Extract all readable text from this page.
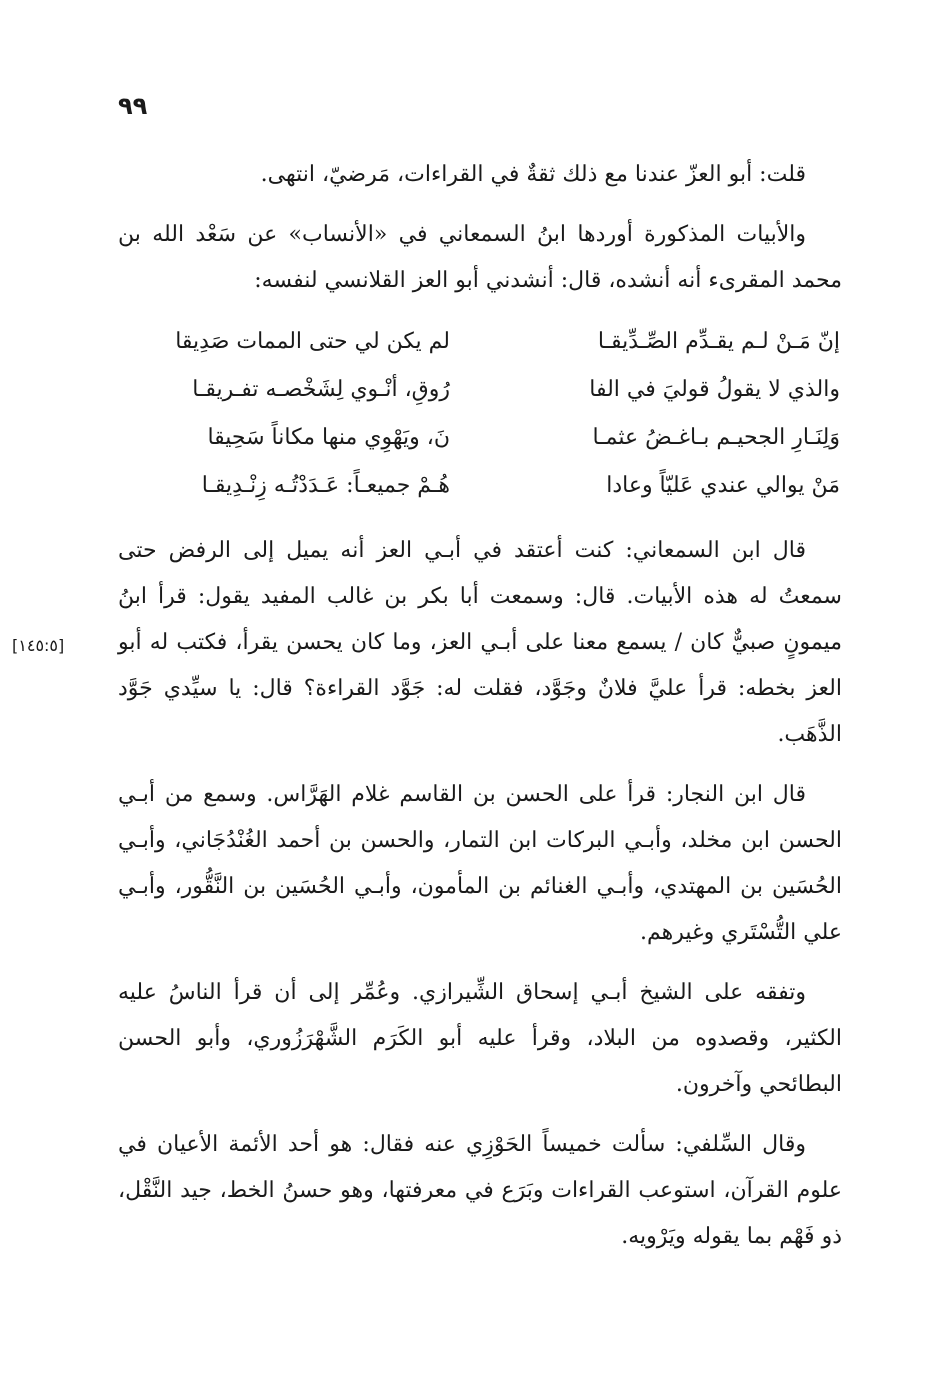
٩٩
[١٤٥:٥]

قلت: أبو العزّ عندنا مع ذلك ثقةٌ في القراءات، مَرضيّ، انتهى.

والأبيات المذكورة أوردها ابنُ السمعاني في «الأنساب» عن سَعْد الله بن محمد المقرىء أنه أنشده، قال: أنشدني أبو العز القلانسي لنفسه:

إنّ مَـنْ لـم يقـدِّم الصِّـدِّيقـا
لم يكن لي حتى الممات صَدِيقا
والذي لا يقولُ قوليَ في الفا
رُوقِ، أنْـوي لِشَخْصـه تفـريقـا
وَلِنَـارِ الجحيـم بـاغـضُ عثمـا
نَ، ويَهْوِي منها مكاناً سَحِيقا
مَنْ يوالي عندي عَليّاً وعادا
هُـمْ جميعـاً: عَـدَدْتُـه زِنْـدِيقـا

قال ابن السمعاني: كنت أعتقد في أبـي العز أنه يميل إلى الرفض حتى سمعتُ له هذه الأبيات. قال: وسمعت أبا بكر بن غالب المفيد يقول: قرأ ابنُ ميمونٍ صبيٌّ كان / يسمع معنا على أبـي العز، وما كان يحسن يقرأ، فكتب له أبو العز بخطه: قرأ عليَّ فلانٌ وجَوَّد، فقلت له: جَوَّد القراءة؟ قال: يا سيِّدي جَوَّد الذَّهَب.

قال ابن النجار: قرأ على الحسن بن القاسم غلام الهَرَّاس. وسمع من أبـي الحسن ابن مخلد، وأبـي البركات ابن التمار، والحسن بن أحمد الغُنْدُجَاني، وأبـي الحُسَين بن المهتدي، وأبـي الغنائم بن المأمون، وأبـي الحُسَين بن النَّقُّور، وأبـي علي التُّسْتَري وغيرهم.

وتفقه على الشيخ أبـي إسحاق الشِّيرازي. وعُمِّر إلى أن قرأ الناسُ عليه الكثير، وقصدوه من البلاد، وقرأ عليه أبو الكَرَم الشَّهْرَزُوري، وأبو الحسن البطائحي وآخرون.

وقال السِّلفي: سألت خميساً الحَوْزِي عنه فقال: هو أحد الأئمة الأعيان في علوم القرآن، استوعب القراءات وبَرَع في معرفتها، وهو حسنُ الخط، جيد النَّقْل، ذو فَهْم بما يقوله ويَرْويه.
